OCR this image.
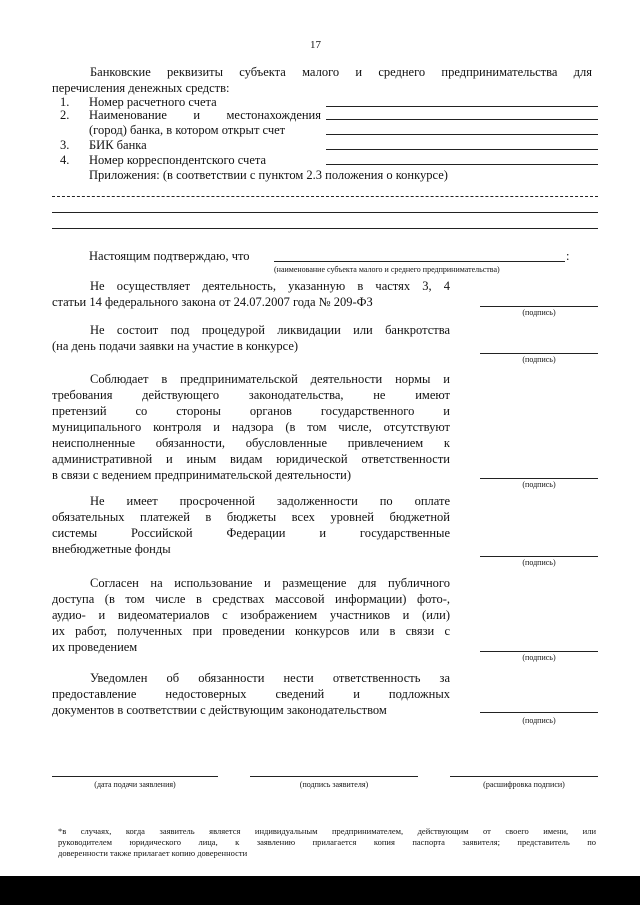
17
Банковские реквизиты субъекта малого и среднего предпринимательства для
перечисления денежных средств:
1. Номер расчетного счета
2. Наименование и местонахождения
(город) банка, в котором открыт счет
3. БИК банка
4. Номер корреспондентского счета
Приложения: (в соответствии с пунктом 2.3 положения о конкурсе)
Настоящим подтверждаю, что	:
(наименование субъекта малого и среднего предпринимательства)
Не осуществляет деятельность, указанную в частях 3, 4
статьи 14 федерального закона от 24.07.2007 года № 209-ФЗ
(подпись)
Не состоит под процедурой ликвидации или банкротства
(на день подачи заявки на участие в конкурсе)
(подпись)
Соблюдает в предпринимательской деятельности нормы и
требования действующего законодательства, не имеют
претензий со стороны органов государственного и
муниципального контроля и надзора (в том числе, отсутствуют
неисполненные обязанности, обусловленные привлечением к
административной и иным видам юридической ответственности
в связи с ведением предпринимательской деятельности)
(подпись)
Не имеет просроченной задолженности по оплате
обязательных платежей в бюджеты всех уровней бюджетной
системы Российской Федерации и государственные
внебюджетные фонды
(подпись)
Согласен на использование и размещение для публичного
доступа (в том числе в средствах массовой информации) фото-,
аудио- и видеоматериалов с изображением участников и (или)
их работ, полученных при проведении конкурсов или в связи с
их проведением
(подпись)
Уведомлен об обязанности нести ответственность за
предоставление недостоверных сведений и подложных
документов в соответствии с действующим законодательством
(подпись)
(дата подачи заявления)	(подпись заявителя)	(расшифровка подписи)
*в случаях, когда заявитель является индивидуальным предпринимателем, действующим от своего имени, или
руководителем юридического лица, к заявлению прилагается копия паспорта заявителя; представитель по
доверенности также прилагает копию доверенности
